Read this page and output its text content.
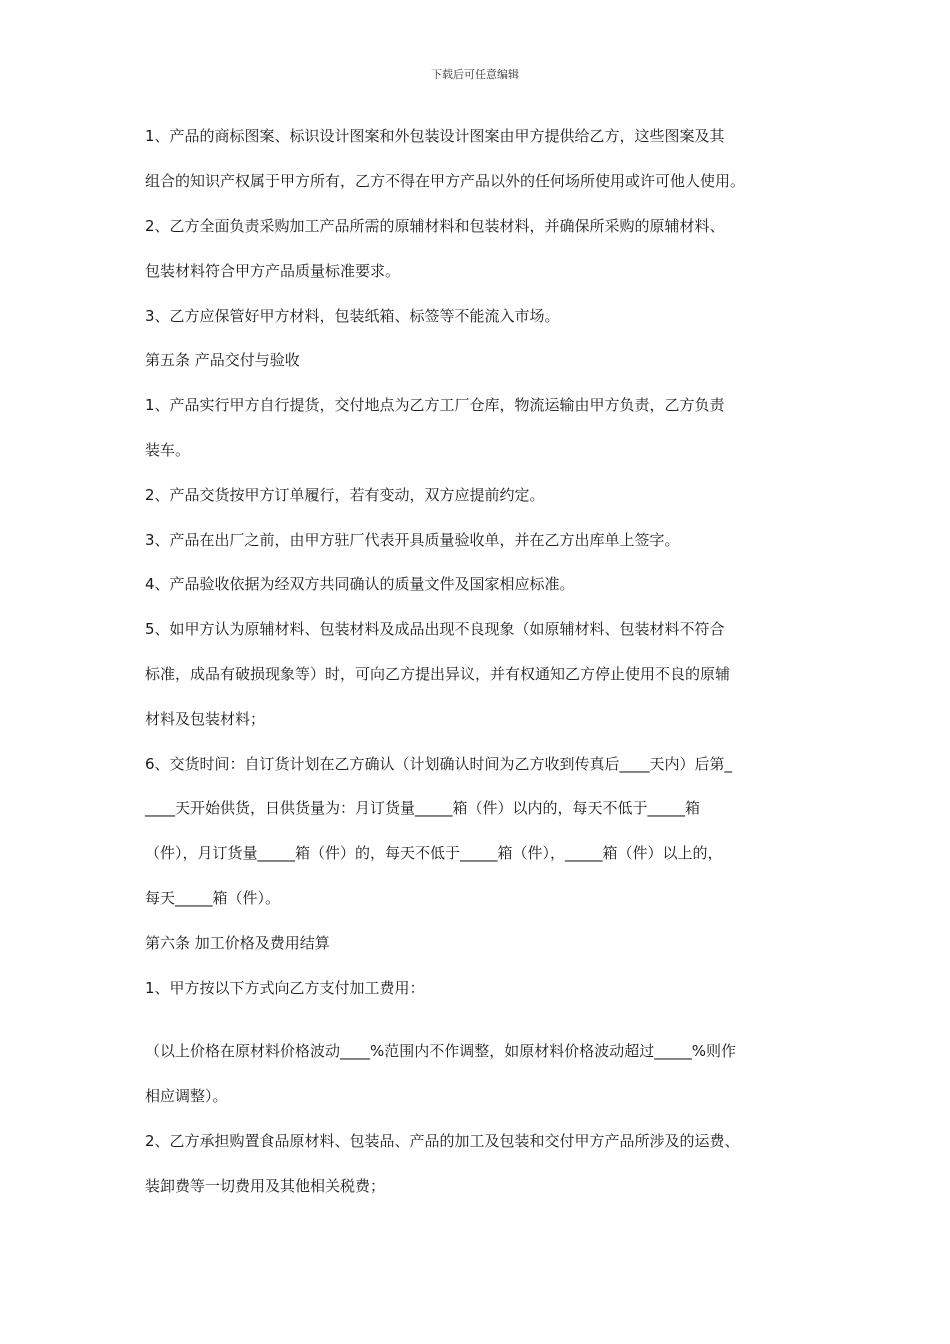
下载后可任意编辑
1、产品的商标图案、标识设计图案和外包装设计图案由甲方提供给乙方，这些图案及其
组合的知识产权属于甲方所有，乙方不得在甲方产品以外的任何场所使用或许可他人使用。
2、乙方全面负责采购加工产品所需的原辅材料和包装材料，并确保所采购的原辅材料、
包装材料符合甲方产品质量标准要求。
3、乙方应保管好甲方材料，包装纸箱、标签等不能流入市场。
第五条 产品交付与验收
1、产品实行甲方自行提货，交付地点为乙方工厂仓库，物流运输由甲方负责，乙方负责
装车。
2、产品交货按甲方订单履行，若有变动，双方应提前约定。
3、产品在出厂之前，由甲方驻厂代表开具质量验收单，并在乙方出库单上签字。
4、产品验收依据为经双方共同确认的质量文件及国家相应标准。
5、如甲方认为原辅材料、包装材料及成品出现不良现象（如原辅材料、包装材料不符合
标准，成品有破损现象等）时，可向乙方提出异议，并有权通知乙方停止使用不良的原辅
材料及包装材料；
6、交货时间：自订货计划在乙方确认（计划确认时间为乙方收到传真后____天内）后第_
____天开始供货，日供货量为：月订货量_____箱（件）以内的，每天不低于_____箱
（件），月订货量_____箱（件）的，每天不低于_____箱（件），_____箱（件）以上的，
每天_____箱（件）。
第六条 加工价格及费用结算
1、甲方按以下方式向乙方支付加工费用：
（以上价格在原材料价格波动____%范围内不作调整，如原材料价格波动超过_____%则作
相应调整）。
2、乙方承担购置食品原材料、包装品、产品的加工及包装和交付甲方产品所涉及的运费、
装卸费等一切费用及其他相关税费；
